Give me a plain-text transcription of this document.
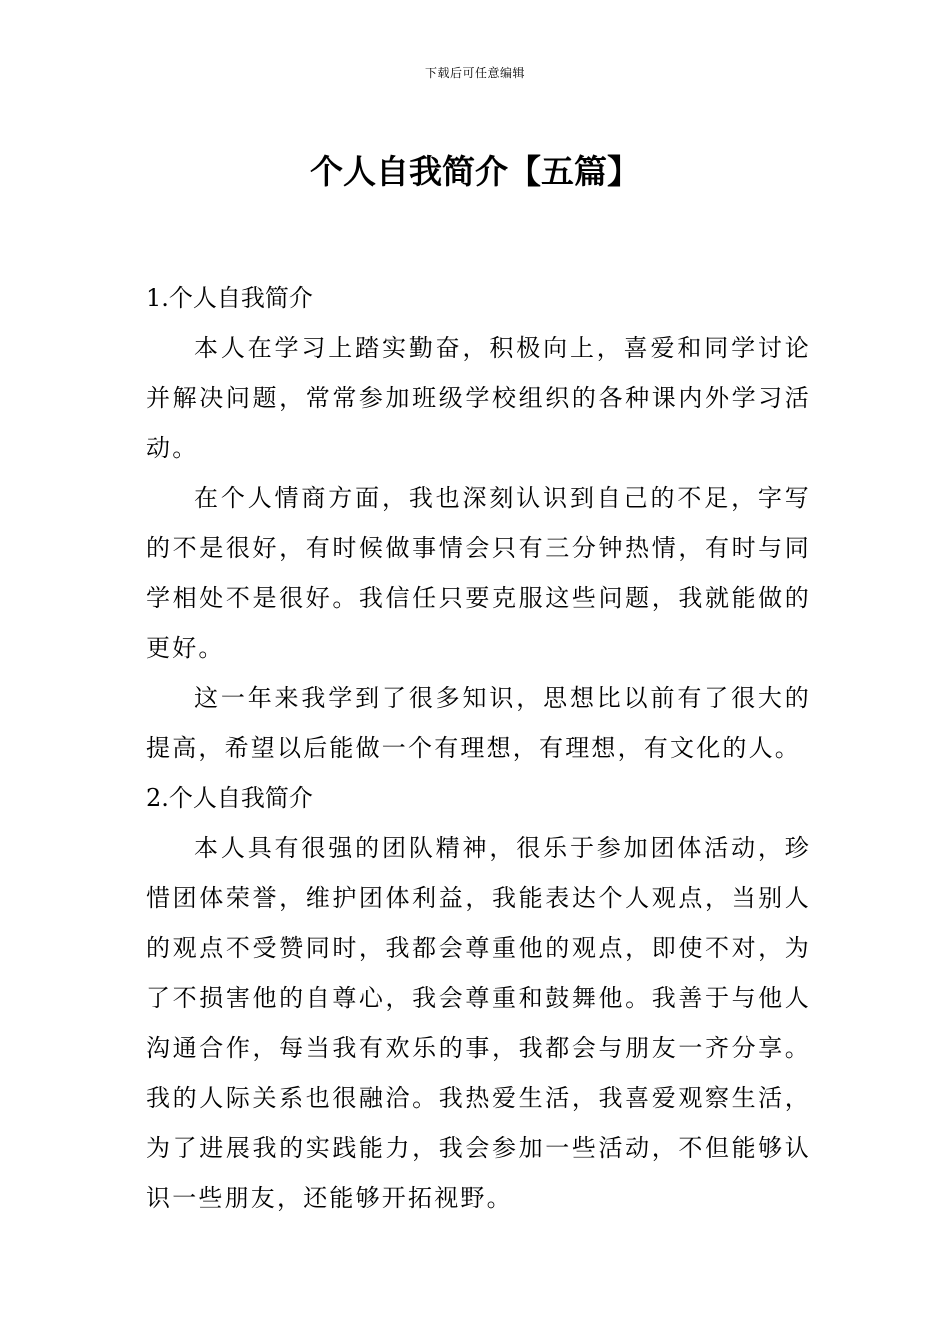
下载后可任意编辑
个人自我简介【五篇】
1.个人自我简介

本人在学习上踏实勤奋，积极向上，喜爱和同学讨论并解决问题，常常参加班级学校组织的各种课内外学习活动。

在个人情商方面，我也深刻认识到自己的不足，字写的不是很好，有时候做事情会只有三分钟热情，有时与同学相处不是很好。我信任只要克服这些问题，我就能做的更好。

这一年来我学到了很多知识，思想比以前有了很大的提高，希望以后能做一个有理想，有理想，有文化的人。

2.个人自我简介

本人具有很强的团队精神，很乐于参加团体活动，珍惜团体荣誉，维护团体利益，我能表达个人观点，当别人的观点不受赞同时，我都会尊重他的观点，即使不对，为了不损害他的自尊心，我会尊重和鼓舞他。我善于与他人沟通合作，每当我有欢乐的事，我都会与朋友一齐分享。我的人际关系也很融洽。我热爱生活，我喜爱观察生活，为了进展我的实践能力，我会参加一些活动，不但能够认识一些朋友，还能够开拓视野。
